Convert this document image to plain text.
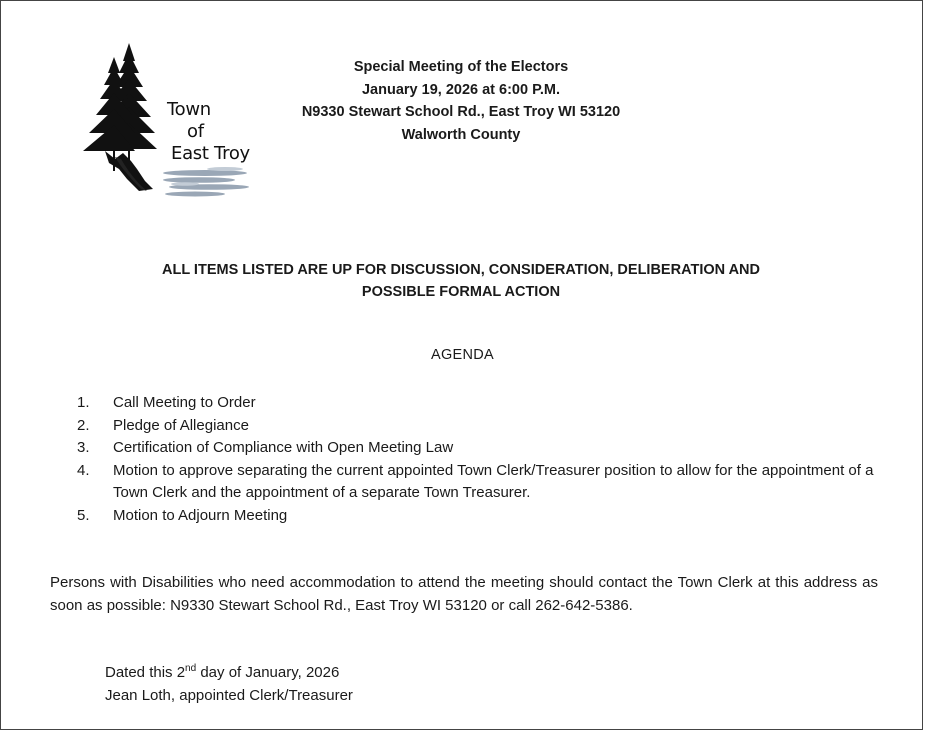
Town
of
East Troy
Special Meeting of the Electors
January 19, 2026 at 6:00 P.M.
N9330 Stewart School Rd., East Troy WI 53120
Walworth County
ALL ITEMS LISTED ARE UP FOR DISCUSSION, CONSIDERATION, DELIBERATION AND
POSSIBLE FORMAL ACTION
AGENDA
1.	Call Meeting to Order
2.	Pledge of Allegiance
3.	Certification of Compliance with Open Meeting Law
4.	Motion to approve separating the current appointed Town Clerk/Treasurer position to allow for the appointment of a Town Clerk and the appointment of a separate Town Treasurer.
5.	Motion to Adjourn Meeting
Persons with Disabilities who need accommodation to attend the meeting should contact the Town Clerk at this address as soon as possible: N9330 Stewart School Rd., East Troy WI 53120 or call 262-642-5386.
Dated this 2nd day of January, 2026
Jean Loth, appointed Clerk/Treasurer
